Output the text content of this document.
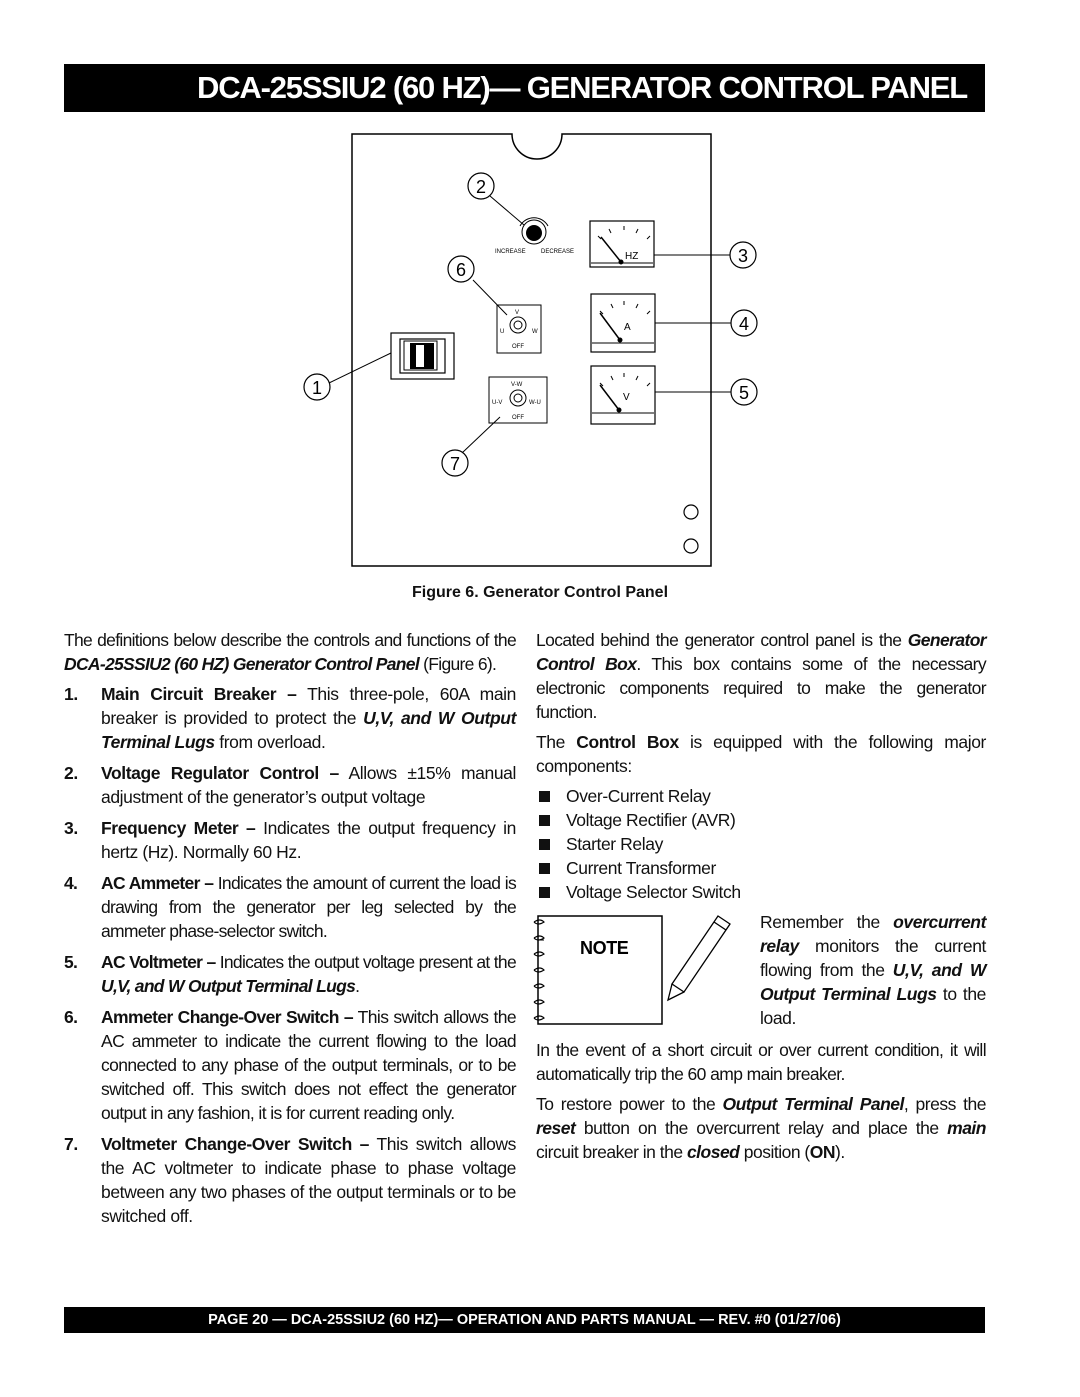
DCA-25SSIU2 (60 HZ)— GENERATOR CONTROL PANEL
INCREASE	DECREASE	HZ
A
V
V
U	W
OFF
V-W
U-V	W-U
OFF
1
2
3
4
5
6
7
Figure 6. Generator Control Panel

The definitions below describe the controls and functions of the DCA-25SSIU2 (60 HZ) Generator Control Panel (Figure 6).

1. Main Circuit Breaker – This three-pole, 60A main breaker is provided to protect the U,V, and W Output Terminal Lugs from overload.
2. Voltage Regulator Control – Allows ±15% manual adjustment of the generator’s output voltage
3. Frequency Meter – Indicates the output frequency in hertz (Hz). Normally 60 Hz.
4. AC Ammeter – Indicates the amount of current the load is drawing from the generator per leg selected by the ammeter phase-selector switch.
5. AC Voltmeter – Indicates the output voltage present at the U,V, and W Output Terminal Lugs.
6. Ammeter Change-Over Switch – This switch allows the AC ammeter to indicate the current flowing to the load connected to any phase of the output terminals, or to be switched off. This switch does not effect the generator output in any fashion, it is for current reading only.
7. Voltmeter Change-Over Switch – This switch allows the AC voltmeter to indicate phase to phase voltage between any two phases of the output terminals or to be switched off.

Located behind the generator control panel is the Generator Control Box. This box contains some of the necessary electronic components required to make the generator function.

The Control Box is equipped with the following major components:

Over-Current Relay
Voltage Rectifier (AVR)
Starter Relay
Current Transformer
Voltage Selector Switch
NOTE
Remember the overcurrent relay monitors the current flowing from the U,V, and W Output Terminal Lugs to the load.

In the event of a short circuit or over current condition, it will automatically trip the 60 amp main breaker.

To restore power to the Output Terminal Panel, press the reset button on the overcurrent relay and place the main circuit breaker in the closed position (ON).

PAGE 20 — DCA-25SSIU2 (60 HZ)— OPERATION AND PARTS MANUAL — REV. #0 (01/27/06)
